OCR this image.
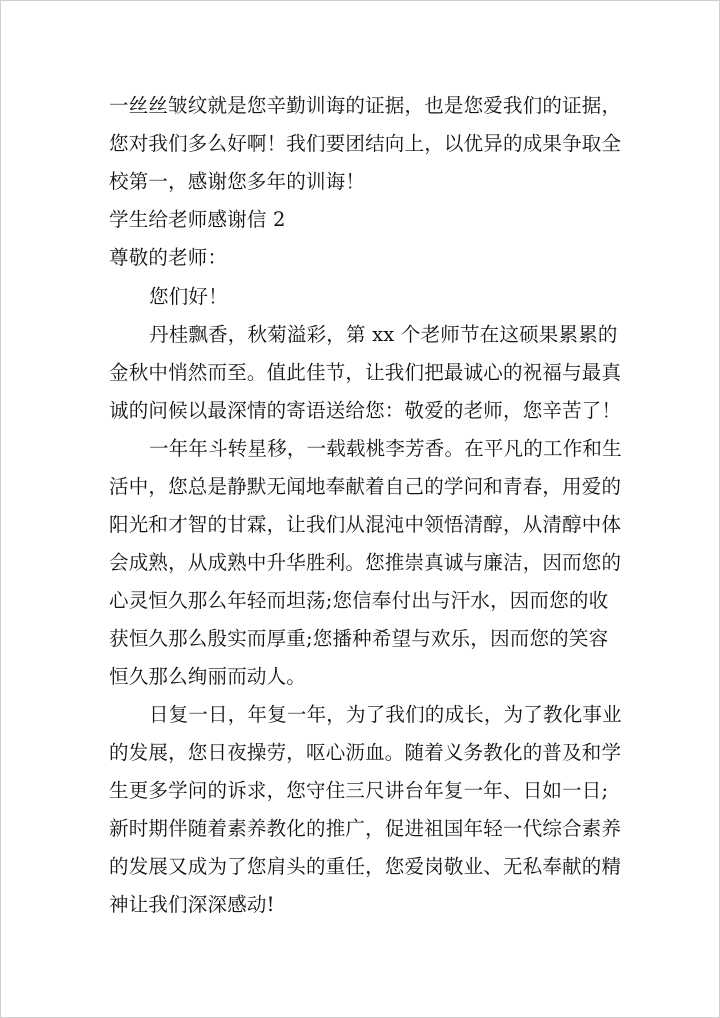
一丝丝皱纹就是您辛勤训诲的证据，也是您爱我们的证据，
您对我们多么好啊！我们要团结向上，以优异的成果争取全
校第一，感谢您多年的训诲！
学生给老师感谢信 2
尊敬的老师：
您们好！
丹桂飘香，秋菊溢彩，第 xx 个老师节在这硕果累累的
金秋中悄然而至。值此佳节，让我们把最诚心的祝福与最真
诚的问候以最深情的寄语送给您：敬爱的老师，您辛苦了！
一年年斗转星移，一载载桃李芳香。在平凡的工作和生
活中，您总是静默无闻地奉献着自己的学问和青春，用爱的
阳光和才智的甘霖，让我们从混沌中领悟清醇，从清醇中体
会成熟，从成熟中升华胜利。您推崇真诚与廉洁，因而您的
心灵恒久那么年轻而坦荡;您信奉付出与汗水，因而您的收
获恒久那么殷实而厚重;您播种希望与欢乐，因而您的笑容
恒久那么绚丽而动人。
日复一日，年复一年，为了我们的成长，为了教化事业
的发展，您日夜操劳，呕心沥血。随着义务教化的普及和学
生更多学问的诉求，您守住三尺讲台年复一年、日如一日;
新时期伴随着素养教化的推广，促进祖国年轻一代综合素养
的发展又成为了您肩头的重任，您爱岗敬业、无私奉献的精
神让我们深深感动!
